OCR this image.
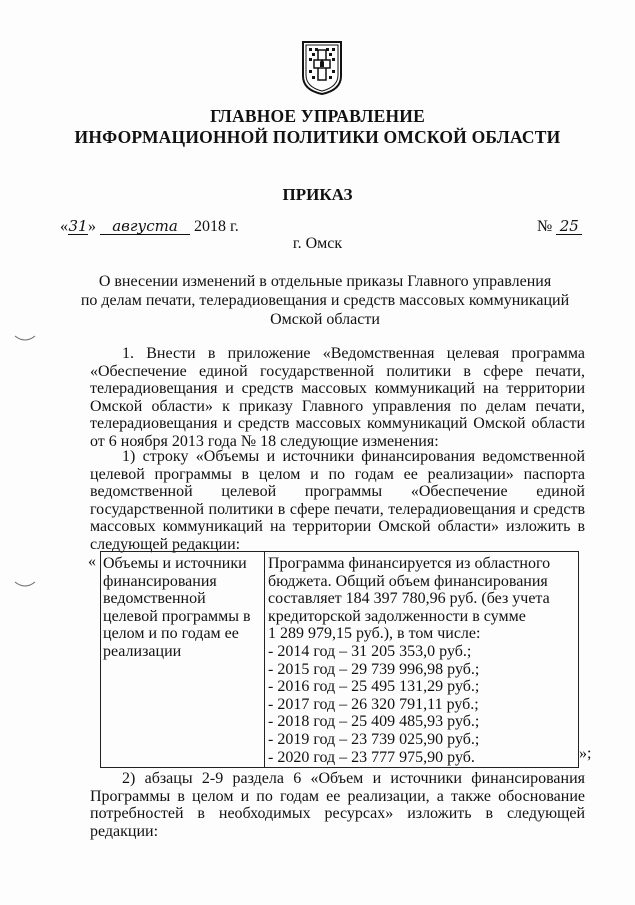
ГЛАВНОЕ УПРАВЛЕНИЕ
ИНФОРМАЦИОННОЙ ПОЛИТИКИ ОМСКОЙ ОБЛАСТИ
ПРИКАЗ
«31» августа 2018 г.	№ 25
г. Омск
О внесении изменений в отдельные приказы Главного управления
по делам печати, телерадиовещания и средств массовых коммуникаций
Омской области

1. Внести в приложение «Ведомственная целевая программа «Обеспечение единой государственной политики в сфере печати, телерадиовещания и средств массовых коммуникаций на территории Омской области» к приказу Главного управления по делам печати, телерадиовещания и средств массовых коммуникаций Омской области от 6 ноября 2013 года № 18 следующие изменения:

1) строку «Объемы и источники финансирования ведомственной целевой программы в целом и по годам ее реализации» паспорта ведомственной целевой программы «Обеспечение единой государственной политики в сфере печати, телерадиовещания и средств массовых коммуникаций на территории Омской области» изложить в следующей редакции:

« Объемы и источники
финансирования
ведомственной
целевой программы в
целом и по годам ее
реализации
Программа финансируется из областного
бюджета. Общий объем финансирования
составляет 184 397 780,96 руб. (без учета
кредиторской задолженности в сумме
1 289 979,15 руб.), в том числе:
- 2014 год – 31 205 353,0 руб.;
- 2015 год – 29 739 996,98 руб.;
- 2016 год – 25 495 131,29 руб.;
- 2017 год – 26 320 791,11 руб.;
- 2018 год – 25 409 485,93 руб.;
- 2019 год – 23 739 025,90 руб.;
- 2020 год – 23 777 975,90 руб.	»;

2) абзацы 2-9 раздела 6 «Объем и источники финансирования Программы в целом и по годам ее реализации, а также обоснование потребностей в необходимых ресурсах» изложить в следующей редакции:
